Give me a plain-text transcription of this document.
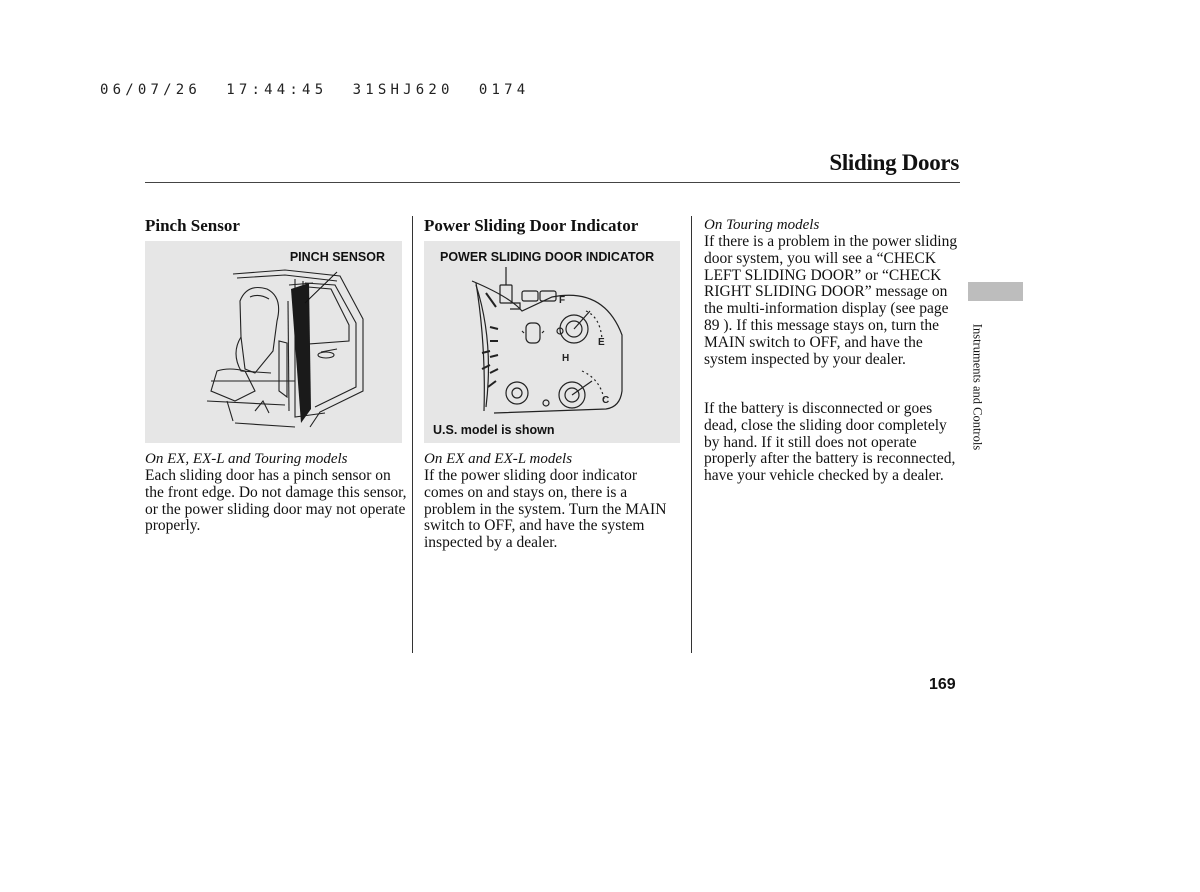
06/07/26  17:44:45  31SHJ620  0174
Sliding Doors
Pinch Sensor
PINCH SENSOR
On EX, EX-L and Touring models
Each sliding door has a pinch sensor on the front edge. Do not damage this sensor, or the power sliding door may not operate properly.
Power Sliding Door Indicator
POWER SLIDING DOOR INDICATOR
F
E
H
C
U.S. model is shown
On EX and EX-L models
If the power sliding door indicator comes on and stays on, there is a problem in the system. Turn the MAIN switch to OFF, and have the system inspected by a dealer.
On Touring models
If there is a problem in the power sliding door system, you will see a “CHECK LEFT SLIDING DOOR” or “CHECK RIGHT SLIDING DOOR” message on the multi-information display (see page 89 ). If this message stays on, turn the MAIN switch to OFF, and have the system inspected by your dealer.
If the battery is disconnected or goes dead, close the sliding door completely by hand. If it still does not operate properly after the battery is reconnected, have your vehicle checked by a dealer.
Instruments and Controls
169
